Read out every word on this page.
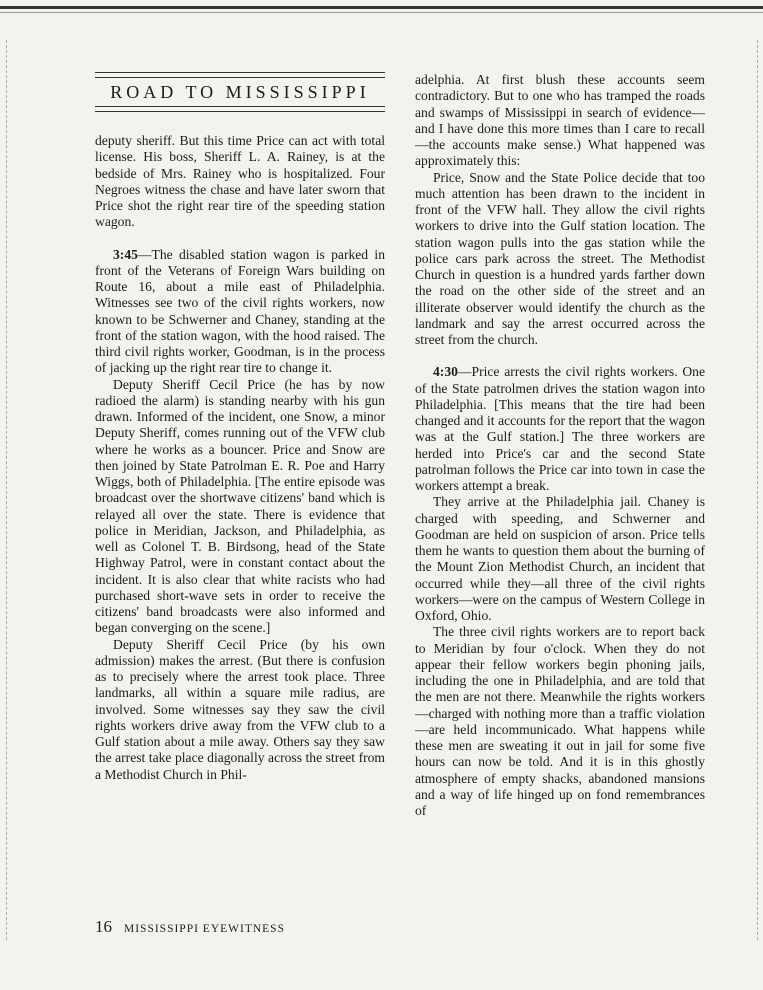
ROAD TO MISSISSIPPI

deputy sheriff. But this time Price can act with total license. His boss, Sheriff L. A. Rainey, is at the bedside of Mrs. Rainey who is hospitalized. Four Negroes witness the chase and have later sworn that Price shot the right rear tire of the speeding station wagon.

3:45—The disabled station wagon is parked in front of the Veterans of Foreign Wars building on Route 16, about a mile east of Philadelphia. Witnesses see two of the civil rights workers, now known to be Schwerner and Chaney, standing at the front of the station wagon, with the hood raised. The third civil rights worker, Goodman, is in the process of jacking up the right rear tire to change it.

Deputy Sheriff Cecil Price (he has by now radioed the alarm) is standing nearby with his gun drawn. Informed of the incident, one Snow, a minor Deputy Sheriff, comes running out of the VFW club where he works as a bouncer. Price and Snow are then joined by State Patrolman E. R. Poe and Harry Wiggs, both of Philadelphia. [The entire episode was broadcast over the shortwave citizens' band which is relayed all over the state. There is evidence that police in Meridian, Jackson, and Philadelphia, as well as Colonel T. B. Birdsong, head of the State Highway Patrol, were in constant contact about the incident. It is also clear that white racists who had purchased short-wave sets in order to receive the citizens' band broadcasts were also informed and began converging on the scene.]

Deputy Sheriff Cecil Price (by his own admission) makes the arrest. (But there is confusion as to precisely where the arrest took place. Three landmarks, all within a square mile radius, are involved. Some witnesses say they saw the civil rights workers drive away from the VFW club to a Gulf station about a mile away. Others say they saw the arrest take place diagonally across the street from a Methodist Church in Phil-

adelphia. At first blush these accounts seem contradictory. But to one who has tramped the roads and swamps of Mississippi in search of evidence—and I have done this more times than I care to recall—the accounts make sense.) What happened was approximately this:

Price, Snow and the State Police decide that too much attention has been drawn to the incident in front of the VFW hall. They allow the civil rights workers to drive into the Gulf station location. The station wagon pulls into the gas station while the police cars park across the street. The Methodist Church in question is a hundred yards farther down the road on the other side of the street and an illiterate observer would identify the church as the landmark and say the arrest occurred across the street from the church.

4:30—Price arrests the civil rights workers. One of the State patrolmen drives the station wagon into Philadelphia. [This means that the tire had been changed and it accounts for the report that the wagon was at the Gulf station.] The three workers are herded into Price's car and the second State patrolman follows the Price car into town in case the workers attempt a break.

They arrive at the Philadelphia jail. Chaney is charged with speeding, and Schwerner and Goodman are held on suspicion of arson. Price tells them he wants to question them about the burning of the Mount Zion Methodist Church, an incident that occurred while they—all three of the civil rights workers—were on the campus of Western College in Oxford, Ohio.

The three civil rights workers are to report back to Meridian by four o'clock. When they do not appear their fellow workers begin phoning jails, including the one in Philadelphia, and are told that the men are not there. Meanwhile the rights workers—charged with nothing more than a traffic violation—are held incommunicado. What happens while these men are sweating it out in jail for some five hours can now be told. And it is in this ghostly atmosphere of empty shacks, abandoned mansions and a way of life hinged up on fond remembrances of

16 MISSISSIPPI EYEWITNESS
